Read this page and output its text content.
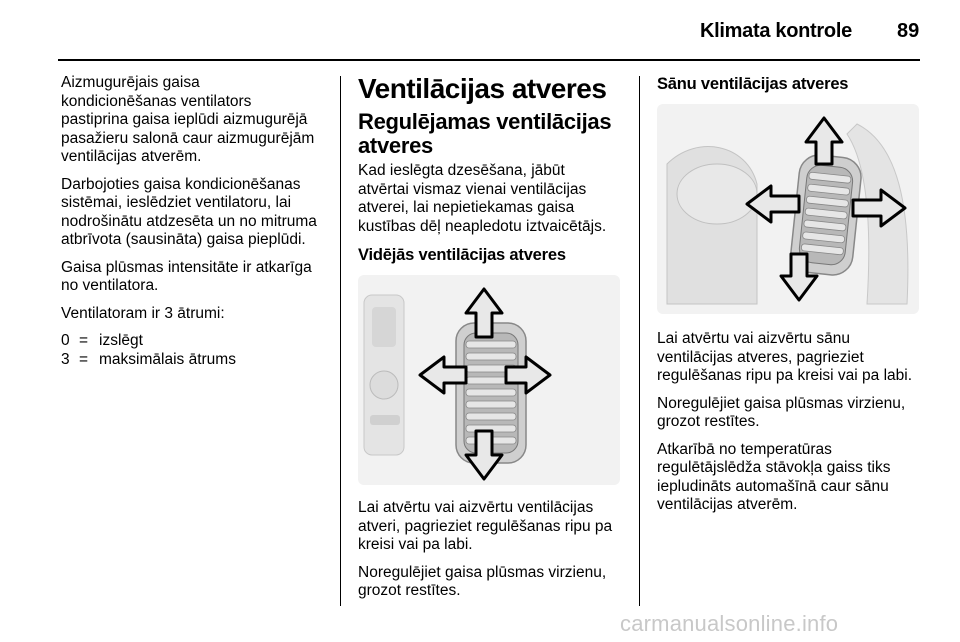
Klimata kontrole 89

Aizmugurējais gaisa
kondicionēšanas ventilators
pastiprina gaisa ieplūdi aizmugurējā
pasažieru salonā caur aizmugurējām
ventilācijas atverēm.

Darbojoties gaisa kondicionēšanas
sistēmai, ieslēdziet ventilatoru, lai
nodrošinātu atdzesēta un no mitruma
atbrīvota (sausināta) gaisa pieplūdi.

Gaisa plūsmas intensitāte ir atkarīga
no ventilatora.

Ventilatoram ir 3 ātrumi:

0 = izslēgt
3 = maksimālais ātrums
Ventilācijas atveres
Regulējamas ventilācijas
atveres

Kad ieslēgta dzesēšana, jābūt
atvērtai vismaz vienai ventilācijas
atverei, lai nepietiekamas gaisa
kustības dēļ neapledotu iztvaicētājs.

Vidējās ventilācijas atveres

Lai atvērtu vai aizvērtu ventilācijas
atveri, pagrieziet regulēšanas ripu pa
kreisi vai pa labi.

Noregulējiet gaisa plūsmas virzienu,
grozot restītes.

Sānu ventilācijas atveres

Lai atvērtu vai aizvērtu sānu
ventilācijas atveres, pagrieziet
regulēšanas ripu pa kreisi vai pa labi.

Noregulējiet gaisa plūsmas virzienu,
grozot restītes.

Atkarībā no temperatūras
regulētājslēdža stāvokļa gaiss tiks
iepludināts automašīnā caur sānu
ventilācijas atverēm.

carmanualsonline.info
